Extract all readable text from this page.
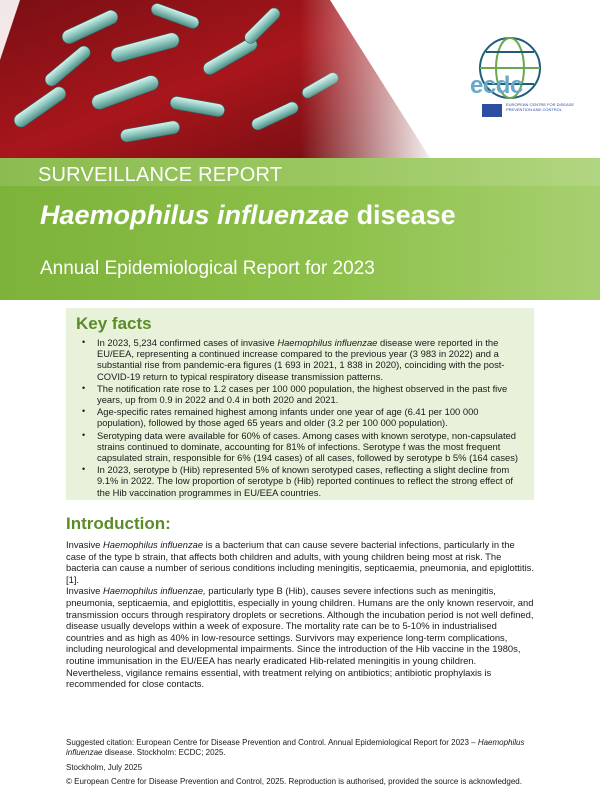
ecdc
EUROPEAN CENTRE FOR DISEASE PREVENTION AND CONTROL
SURVEILLANCE REPORT
Haemophilus influenzae disease
Annual Epidemiological Report for 2023
Key facts
• In 2023, 5,234 confirmed cases of invasive Haemophilus influenzae disease were reported in the EU/EEA, representing a continued increase compared to the previous year (3 983 in 2022) and a substantial rise from pandemic-era figures (1 693 in 2021, 1 838 in 2020), coinciding with the post-COVID-19 return to typical respiratory disease transmission patterns.
• The notification rate rose to 1.2 cases per 100 000 population, the highest observed in the past five years, up from 0.9 in 2022 and 0.4 in both 2020 and 2021.
• Age-specific rates remained highest among infants under one year of age (6.41 per 100 000 population), followed by those aged 65 years and older (3.2 per 100 000 population).
• Serotyping data were available for 60% of cases. Among cases with known serotype, non-capsulated strains continued to dominate, accounting for 81% of infections. Serotype f was the most frequent capsulated strain, responsible for 6% (194 cases) of all cases, followed by serotype b 5% (164 cases)
• In 2023, serotype b (Hib) represented 5% of known serotyped cases, reflecting a slight decline from 9.1% in 2022. The low proportion of serotype b (Hib) reported continues to reflect the strong effect of the Hib vaccination programmes in EU/EEA countries.
Introduction:

Invasive Haemophilus influenzae is a bacterium that can cause severe bacterial infections, particularly in the case of the type b strain, that affects both children and adults, with young children being most at risk. The bacteria can cause a number of serious conditions including meningitis, septicaemia, pneumonia, and epiglottitis. [1].

Invasive Haemophilus influenzae, particularly type B (Hib), causes severe infections such as meningitis, pneumonia, septicaemia, and epiglottitis, especially in young children. Humans are the only known reservoir, and transmission occurs through respiratory droplets or secretions. Although the incubation period is not well defined, disease usually develops within a week of exposure. The mortality rate can be to 5-10% in industrialised countries and as high as 40% in low-resource settings. Survivors may experience long-term complications, including neurological and developmental impairments. Since the introduction of the Hib vaccine in the 1980s, routine immunisation in the EU/EEA has nearly eradicated Hib-related meningitis in young children. Nevertheless, vigilance remains essential, with treatment relying on antibiotics; antibiotic prophylaxis is recommended for close contacts.

Suggested citation: European Centre for Disease Prevention and Control. Annual Epidemiological Report for 2023 – Haemophilus influenzae disease. Stockholm: ECDC; 2025.

Stockholm, July 2025

© European Centre for Disease Prevention and Control, 2025. Reproduction is authorised, provided the source is acknowledged.
